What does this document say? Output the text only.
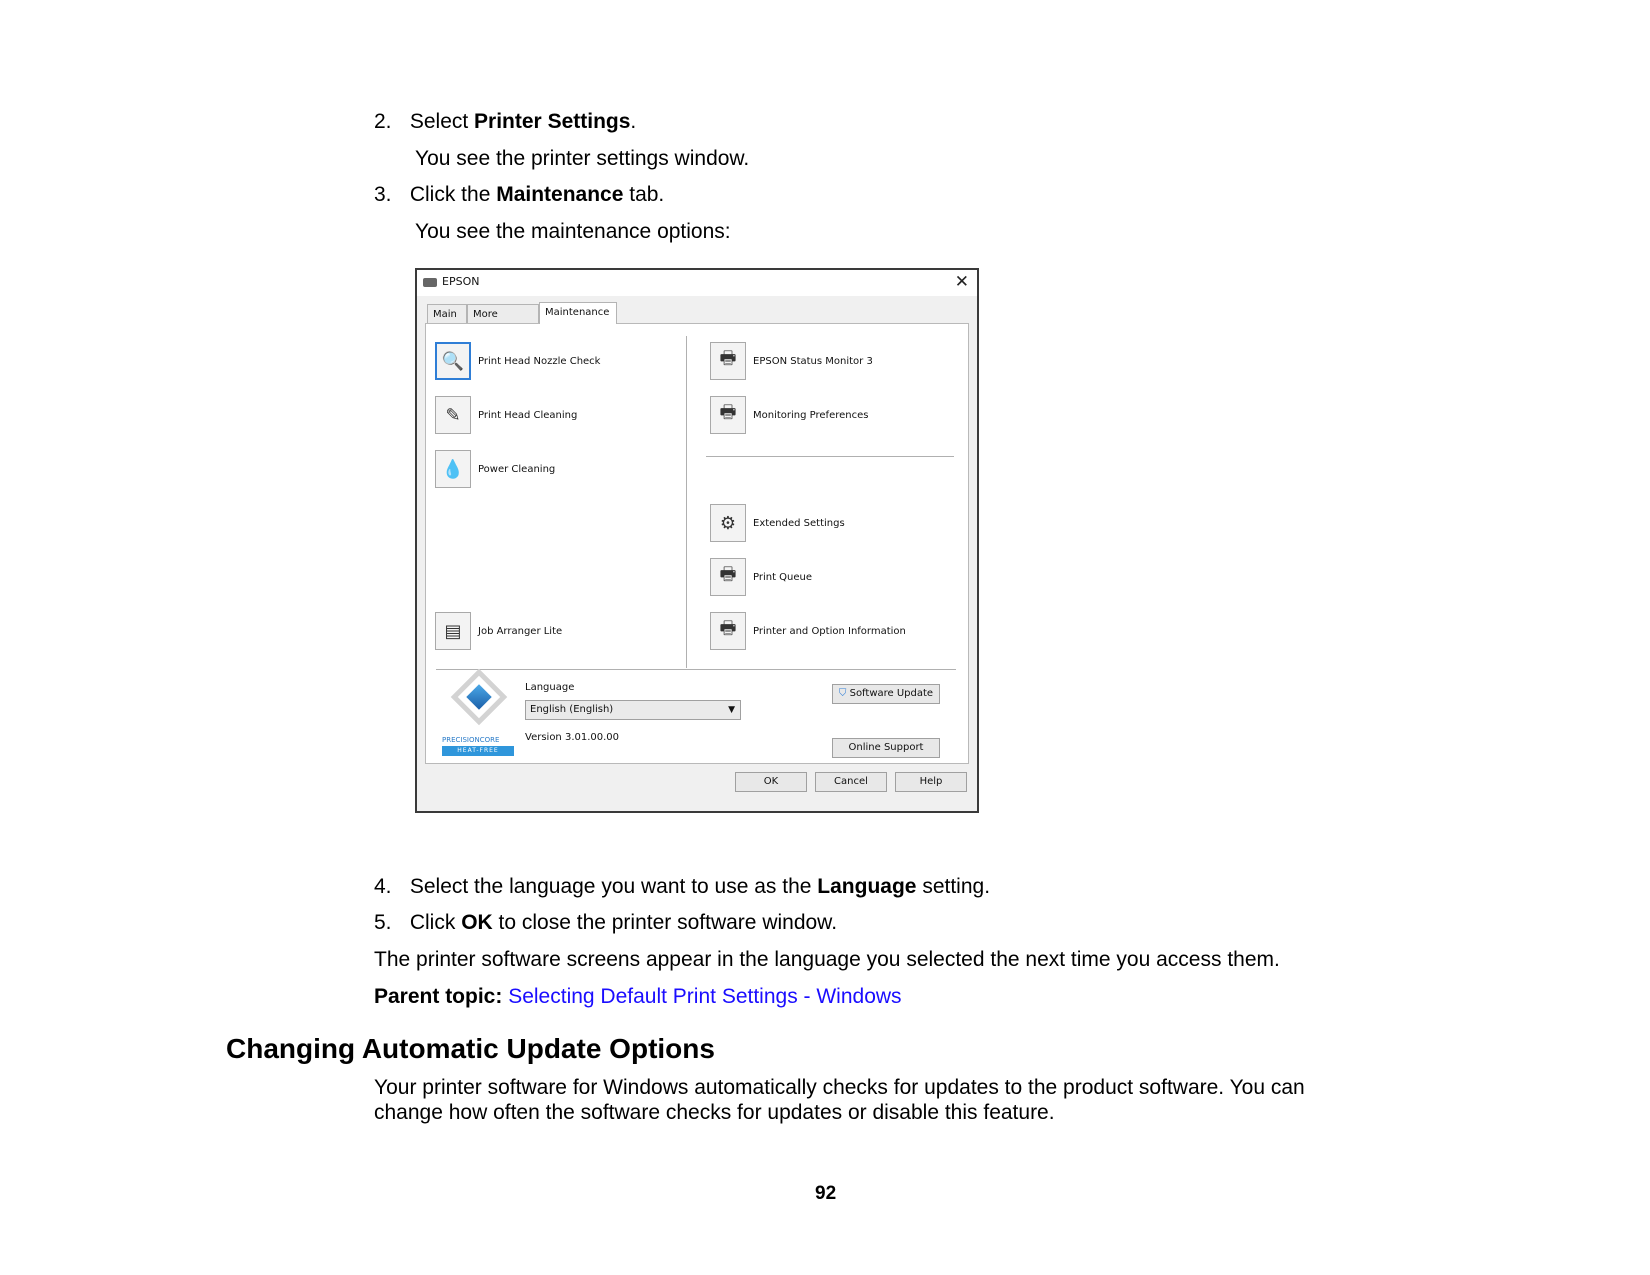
2. Select Printer Settings.
You see the printer settings window.
3. Click the Maintenance tab.
You see the maintenance options:
EPSON	✕
Main	More	Maintenance
🔍	Print Head Nozzle Check
✎	Print Head Cleaning
💧	Power Cleaning
▤	Job Arranger Lite
🖶	EPSON Status Monitor 3
🖶	Monitoring Preferences
⚙	Extended Settings
🖶	Print Queue
🖶	Printer and Option Information
PRECISIONCORE
HEAT-FREE
Language
English (English)	▼
Version 3.01.00.00
⛉ Software Update
Online Support
OK	Cancel	Help
4. Select the language you want to use as the Language setting.
5. Click OK to close the printer software window.
The printer software screens appear in the language you selected the next time you access them.
Parent topic: Selecting Default Print Settings - Windows
Changing Automatic Update Options
Your printer software for Windows automatically checks for updates to the product software. You can
change how often the software checks for updates or disable this feature.
92
